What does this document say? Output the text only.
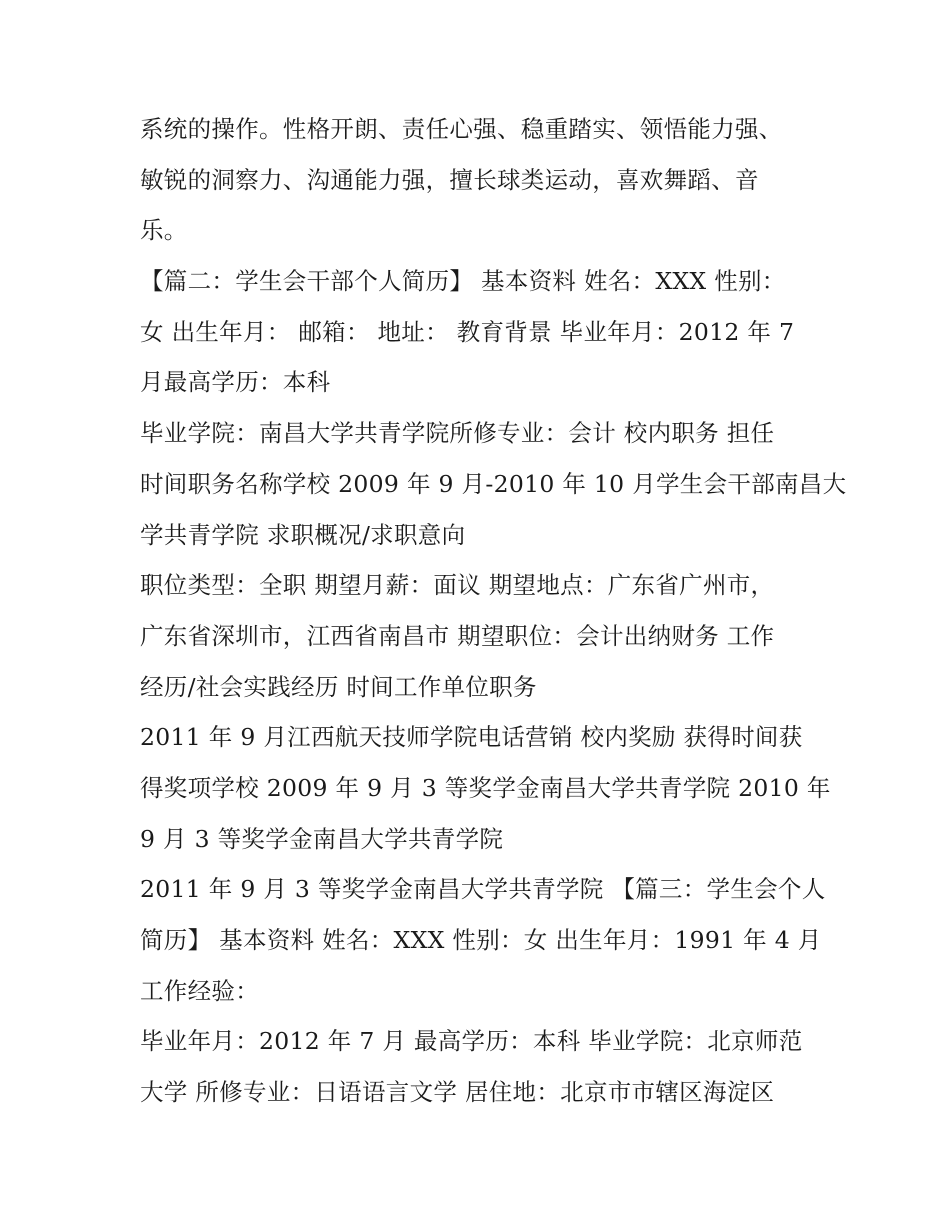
系统的操作。性格开朗、责任心强、稳重踏实、领悟能力强、
敏锐的洞察力、沟通能力强，擅长球类运动，喜欢舞蹈、音
乐。
【篇二：学生会干部个人简历】 基本资料 姓名：XXX 性别：
女 出生年月： 邮箱： 地址： 教育背景 毕业年月：2012 年 7
月最高学历：本科
毕业学院：南昌大学共青学院所修专业：会计 校内职务 担任
时间职务名称学校 2009 年 9 月-2010 年 10 月学生会干部南昌大
学共青学院 求职概况/求职意向
职位类型：全职 期望月薪：面议 期望地点：广东省广州市，
广东省深圳市，江西省南昌市 期望职位：会计出纳财务 工作
经历/社会实践经历 时间工作单位职务
2011 年 9 月江西航天技师学院电话营销 校内奖励 获得时间获
得奖项学校 2009 年 9 月 3 等奖学金南昌大学共青学院 2010 年
9 月 3 等奖学金南昌大学共青学院
2011 年 9 月 3 等奖学金南昌大学共青学院 【篇三：学生会个人
简历】 基本资料 姓名：XXX 性别：女 出生年月：1991 年 4 月
工作经验：
毕业年月：2012 年 7 月 最高学历：本科 毕业学院：北京师范
大学 所修专业：日语语言文学 居住地：北京市市辖区海淀区
